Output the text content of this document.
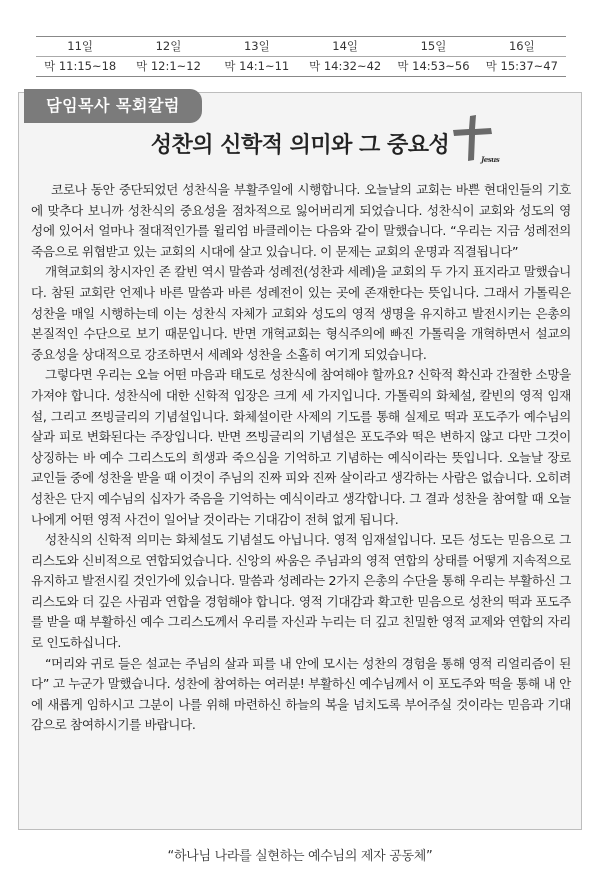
11일
막 11:15~18
12일
막 12:1~12
13일
막 14:1~11
14일
막 14:32~42
15일
막 14:53~56
16일
막 15:37~47
담임목사 목회칼럼
성찬의 신학적 의미와 그 중요성
Jesus

코로나 동안 중단되었던 성찬식을 부활주일에 시행합니다. 오늘날의 교회는 바쁜 현대인들의 기호에 맞추다 보니까 성찬식의 중요성을 점차적으로 잃어버리게 되었습니다. 성찬식이 교회와 성도의 영성에 있어서 얼마나 절대적인가를 윌리엄 바클레이는 다음와 같이 말했습니다. “우리는 지금 성례전의 죽음으로 위협받고 있는 교회의 시대에 살고 있습니다. 이 문제는 교회의 운명과 직결됩니다”

개혁교회의 창시자인 존 칼빈 역시 말씀과 성례전(성찬과 세례)을 교회의 두 가지 표지라고 말했습니다. 참된 교회란 언제나 바른 말씀과 바른 성례전이 있는 곳에 존재한다는 뜻입니다. 그래서 가톨릭은 성찬을 매일 시행하는데 이는 성찬식 자체가 교회와 성도의 영적 생명을 유지하고 발전시키는 은총의 본질적인 수단으로 보기 때문입니다. 반면 개혁교회는 형식주의에 빠진 가톨릭을 개혁하면서 설교의 중요성을 상대적으로 강조하면서 세례와 성찬을 소홀히 여기게 되었습니다.

그렇다면 우리는 오늘 어떤 마음과 태도로 성찬식에 참여해야 할까요? 신학적 확신과 간절한 소망을 가져야 합니다. 성찬식에 대한 신학적 입장은 크게 세 가지입니다. 가톨릭의 화체설, 칼빈의 영적 임재설, 그리고 쯔빙글리의 기념설입니다. 화체설이란 사제의 기도를 통해 실제로 떡과 포도주가 예수님의 살과 피로 변화된다는 주장입니다. 반면 쯔빙글리의 기념설은 포도주와 떡은 변하지 않고 다만 그것이 상징하는 바 예수 그리스도의 희생과 죽으심을 기억하고 기념하는 예식이라는 뜻입니다. 오늘날 장로교인들 중에 성찬을 받을 때 이것이 주님의 진짜 피와 진짜 살이라고 생각하는 사람은 없습니다. 오히려 성찬은 단지 예수님의 십자가 죽음을 기억하는 예식이라고 생각합니다. 그 결과 성찬을 참여할 때 오늘 나에게 어떤 영적 사건이 일어날 것이라는 기대감이 전혀 없게 됩니다.

성찬식의 신학적 의미는 화체설도 기념설도 아닙니다. 영적 임재설입니다. 모든 성도는 믿음으로 그리스도와 신비적으로 연합되었습니다. 신앙의 싸움은 주님과의 영적 연합의 상태를 어떻게 지속적으로 유지하고 발전시킬 것인가에 있습니다. 말씀과 성례라는 2가지 은총의 수단을 통해 우리는 부활하신 그리스도와 더 깊은 사귐과 연합을 경험해야 합니다. 영적 기대감과 확고한 믿음으로 성찬의 떡과 포도주를 받을 때 부활하신 예수 그리스도께서 우리를 자신과 누리는 더 깊고 친밀한 영적 교제와 연합의 자리로 인도하십니다.

“머리와 귀로 들은 설교는 주님의 살과 피를 내 안에 모시는 성찬의 경험을 통해 영적 리얼리즘이 된다” 고 누군가 말했습니다. 성찬에 참여하는 여러분! 부활하신 예수님께서 이 포도주와 떡을 통해 내 안에 새롭게 임하시고 그분이 나를 위해 마련하신 하늘의 복을 넘치도록 부어주실 것이라는 믿음과 기대감으로 참여하시기를 바랍니다.

“하나님 나라를 실현하는 예수님의 제자 공동체”
